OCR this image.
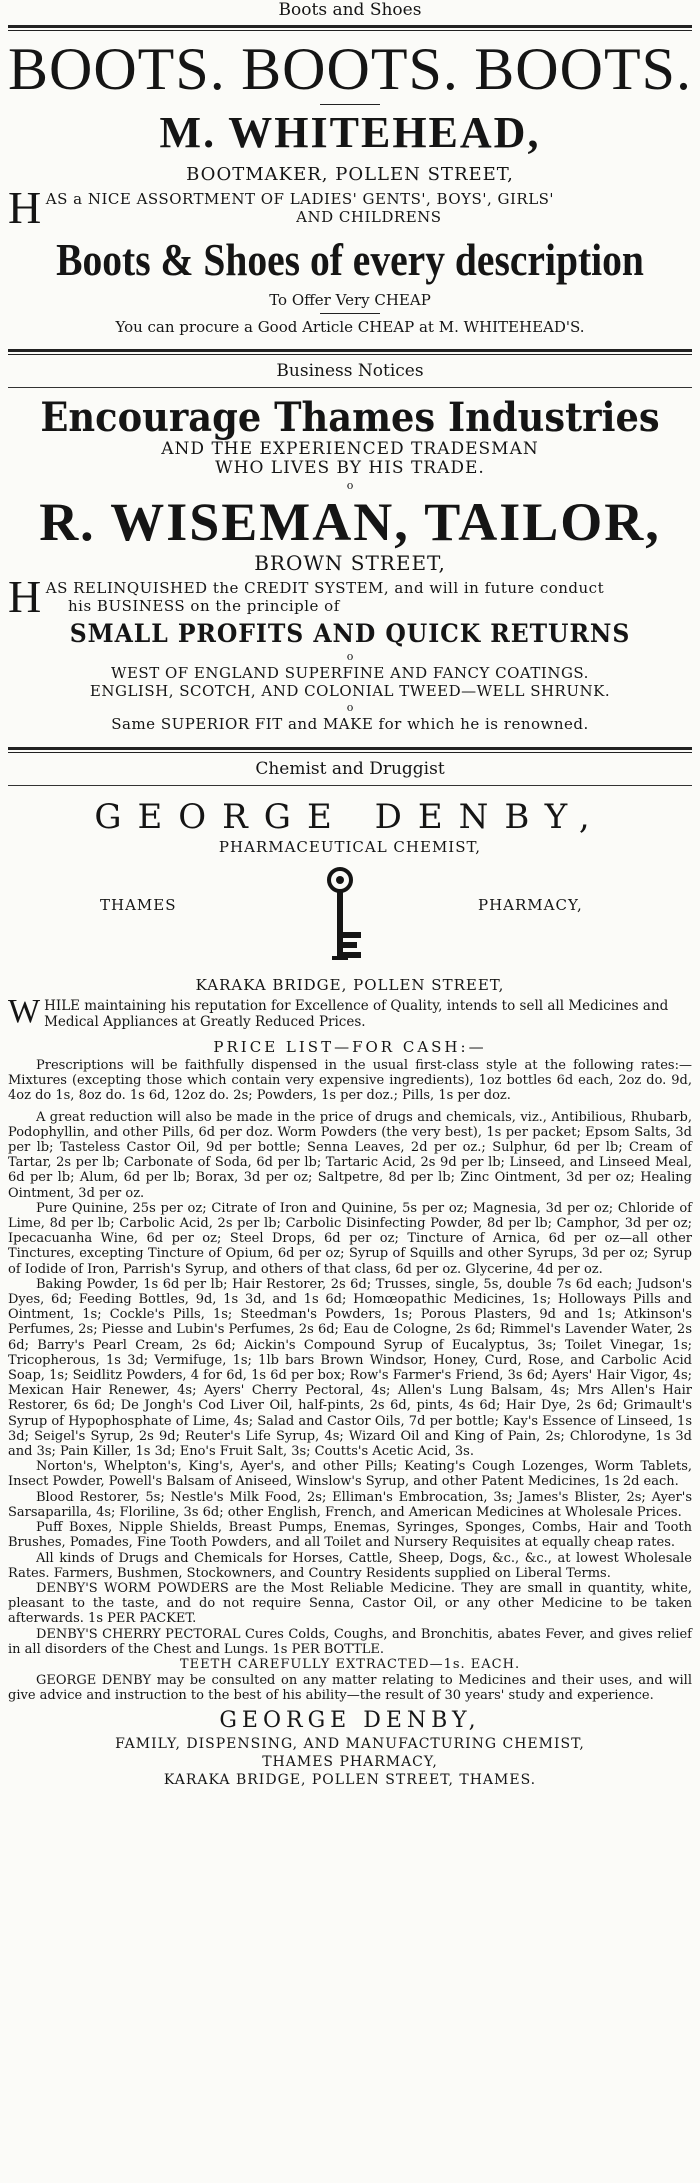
Boots and Shoes

BOOTS. BOOTS. BOOTS.
M. WHITEHEAD,
BOOTMAKER, POLLEN STREET,
H AS a NICE ASSORTMENT OF LADIES' GENTS', BOYS', GIRLS'
AND CHILDRENS
Boots & Shoes of every description
To Offer Very CHEAP
You can procure a Good Article CHEAP at M. WHITEHEAD'S.

Business Notices

Encourage Thames Industries
AND THE EXPERIENCED TRADESMAN
WHO LIVES BY HIS TRADE.
o
R. WISEMAN, TAILOR,
BROWN STREET,
H AS RELINQUISHED the CREDIT SYSTEM, and will in future conduct
his BUSINESS on the principle of
SMALL PROFITS AND QUICK RETURNS
o
WEST OF ENGLAND SUPERFINE AND FANCY COATINGS.
ENGLISH, SCOTCH, AND COLONIAL TWEED—WELL SHRUNK.
o
Same SUPERIOR FIT and MAKE for which he is renowned.

Chemist and Druggist

GEORGE DENBY,
PHARMACEUTICAL CHEMIST,
THAMES	PHARMACY,
KARAKA BRIDGE, POLLEN STREET,
W HILE maintaining his reputation for Excellence of Quality, intends to sell all Medicines and Medical Appliances at Greatly Reduced Prices.
PRICE LIST—FOR CASH:—

Prescriptions will be faithfully dispensed in the usual first-class style at the following rates:—Mixtures (excepting those which contain very expensive ingredients), 1oz bottles 6d each, 2oz do. 9d, 4oz do 1s, 8oz do. 1s 6d, 12oz do. 2s; Powders, 1s per doz.; Pills, 1s per doz.

A great reduction will also be made in the price of drugs and chemicals, viz., Antibilious, Rhubarb, Podophyllin, and other Pills, 6d per doz. Worm Powders (the very best), 1s per packet; Epsom Salts, 3d per lb; Tasteless Castor Oil, 9d per bottle; Senna Leaves, 2d per oz.; Sulphur, 6d per lb; Cream of Tartar, 2s per lb; Carbonate of Soda, 6d per lb; Tartaric Acid, 2s 9d per lb; Linseed, and Linseed Meal, 6d per lb; Alum, 6d per lb; Borax, 3d per oz; Saltpetre, 8d per lb; Zinc Ointment, 3d per oz; Healing Ointment, 3d per oz.

Pure Quinine, 25s per oz; Citrate of Iron and Quinine, 5s per oz; Magnesia, 3d per oz; Chloride of Lime, 8d per lb; Carbolic Acid, 2s per lb; Carbolic Disinfecting Powder, 8d per lb; Camphor, 3d per oz; Ipecacuanha Wine, 6d per oz; Steel Drops, 6d per oz; Tincture of Arnica, 6d per oz—all other Tinctures, excepting Tincture of Opium, 6d per oz; Syrup of Squills and other Syrups, 3d per oz; Syrup of Iodide of Iron, Parrish's Syrup, and others of that class, 6d per oz. Glycerine, 4d per oz.

Baking Powder, 1s 6d per lb; Hair Restorer, 2s 6d; Trusses, single, 5s, double 7s 6d each; Judson's Dyes, 6d; Feeding Bottles, 9d, 1s 3d, and 1s 6d; Homœopathic Medicines, 1s; Holloways Pills and Ointment, 1s; Cockle's Pills, 1s; Steedman's Powders, 1s; Porous Plasters, 9d and 1s; Atkinson's Perfumes, 2s; Piesse and Lubin's Perfumes, 2s 6d; Eau de Cologne, 2s 6d; Rimmel's Lavender Water, 2s 6d; Barry's Pearl Cream, 2s 6d; Aickin's Compound Syrup of Eucalyptus, 3s; Toilet Vinegar, 1s; Tricopherous, 1s 3d; Vermifuge, 1s; 1lb bars Brown Windsor, Honey, Curd, Rose, and Carbolic Acid Soap, 1s; Seidlitz Powders, 4 for 6d, 1s 6d per box; Row's Farmer's Friend, 3s 6d; Ayers' Hair Vigor, 4s; Mexican Hair Renewer, 4s; Ayers' Cherry Pectoral, 4s; Allen's Lung Balsam, 4s; Mrs Allen's Hair Restorer, 6s 6d; De Jongh's Cod Liver Oil, half-pints, 2s 6d, pints, 4s 6d; Hair Dye, 2s 6d; Grimault's Syrup of Hypophosphate of Lime, 4s; Salad and Castor Oils, 7d per bottle; Kay's Essence of Linseed, 1s 3d; Seigel's Syrup, 2s 9d; Reuter's Life Syrup, 4s; Wizard Oil and King of Pain, 2s; Chlorodyne, 1s 3d and 3s; Pain Killer, 1s 3d; Eno's Fruit Salt, 3s; Coutts's Acetic Acid, 3s.

Norton's, Whelpton's, King's, Ayer's, and other Pills; Keating's Cough Lozenges, Worm Tablets, Insect Powder, Powell's Balsam of Aniseed, Winslow's Syrup, and other Patent Medicines, 1s 2d each.

Blood Restorer, 5s; Nestle's Milk Food, 2s; Elliman's Embrocation, 3s; James's Blister, 2s; Ayer's Sarsaparilla, 4s; Floriline, 3s 6d; other English, French, and American Medicines at Wholesale Prices.

Puff Boxes, Nipple Shields, Breast Pumps, Enemas, Syringes, Sponges, Combs, Hair and Tooth Brushes, Pomades, Fine Tooth Powders, and all Toilet and Nursery Requisites at equally cheap rates.

All kinds of Drugs and Chemicals for Horses, Cattle, Sheep, Dogs, &c., &c., at lowest Wholesale Rates. Farmers, Bushmen, Stockowners, and Country Residents supplied on Liberal Terms.

DENBY'S WORM POWDERS are the Most Reliable Medicine. They are small in quantity, white, pleasant to the taste, and do not require Senna, Castor Oil, or any other Medicine to be taken afterwards. 1s PER PACKET.

DENBY'S CHERRY PECTORAL Cures Colds, Coughs, and Bronchitis, abates Fever, and gives relief in all disorders of the Chest and Lungs. 1s PER BOTTLE.

TEETH CAREFULLY EXTRACTED—1s. EACH.

GEORGE DENBY may be consulted on any matter relating to Medicines and their uses, and will give advice and instruction to the best of his ability—the result of 30 years' study and experience.

GEORGE DENBY,
FAMILY, DISPENSING, AND MANUFACTURING CHEMIST,
THAMES PHARMACY,
KARAKA BRIDGE, POLLEN STREET, THAMES.
